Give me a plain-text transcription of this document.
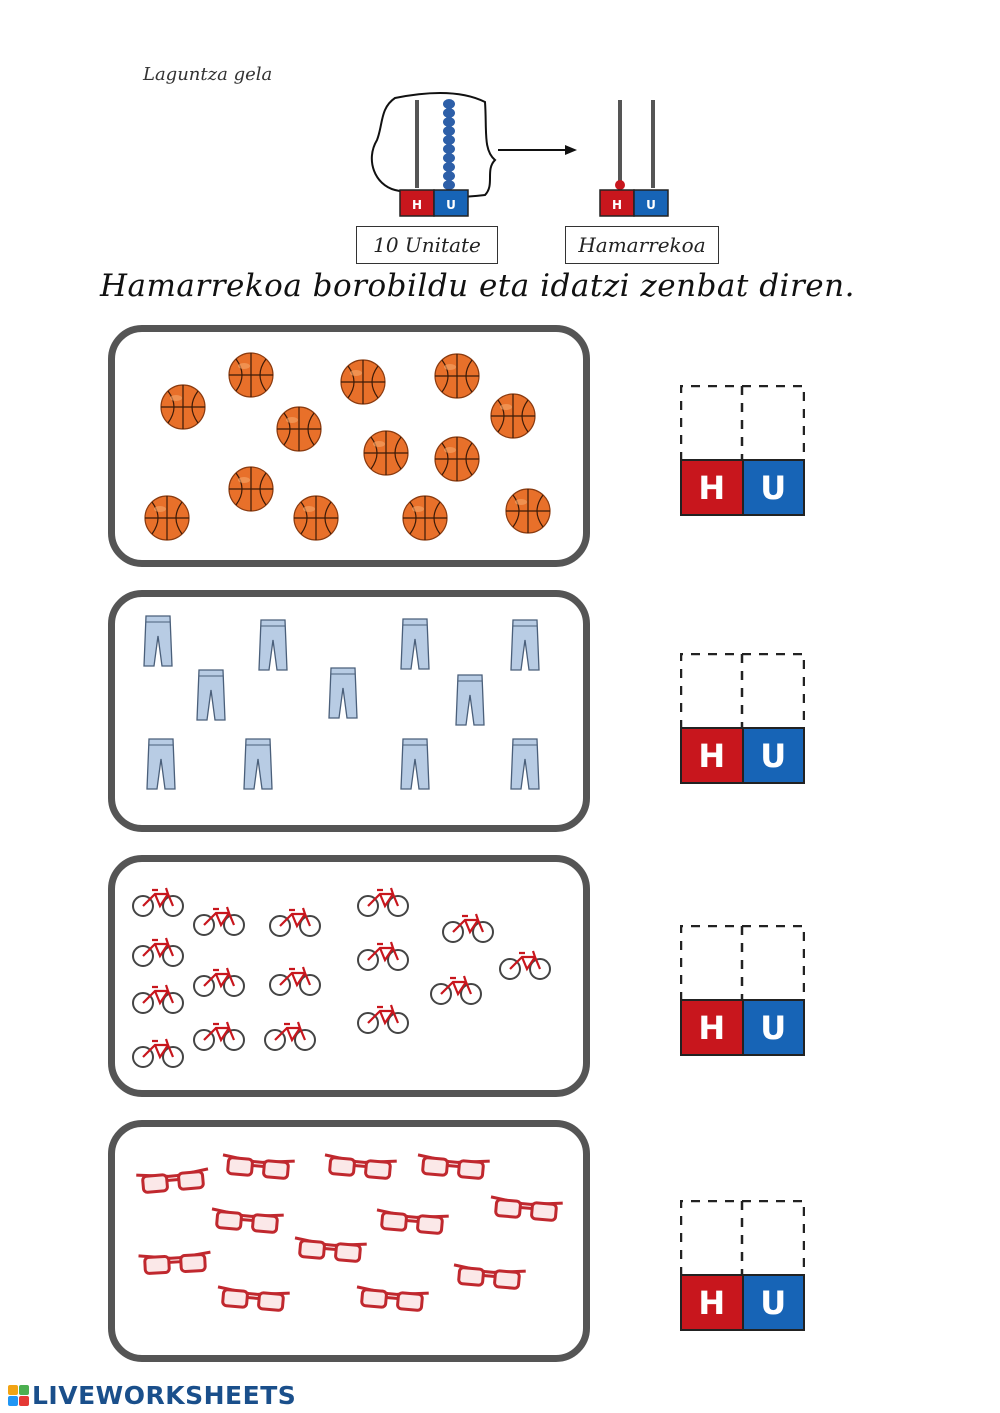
Laguntza gela
H U	H U
10 Unitate	Hamarrekoa
Hamarrekoa borobildu eta idatzi zenbat diren.
H	U
H	U
H	U
H	U
LIVEWORKSHEETS
